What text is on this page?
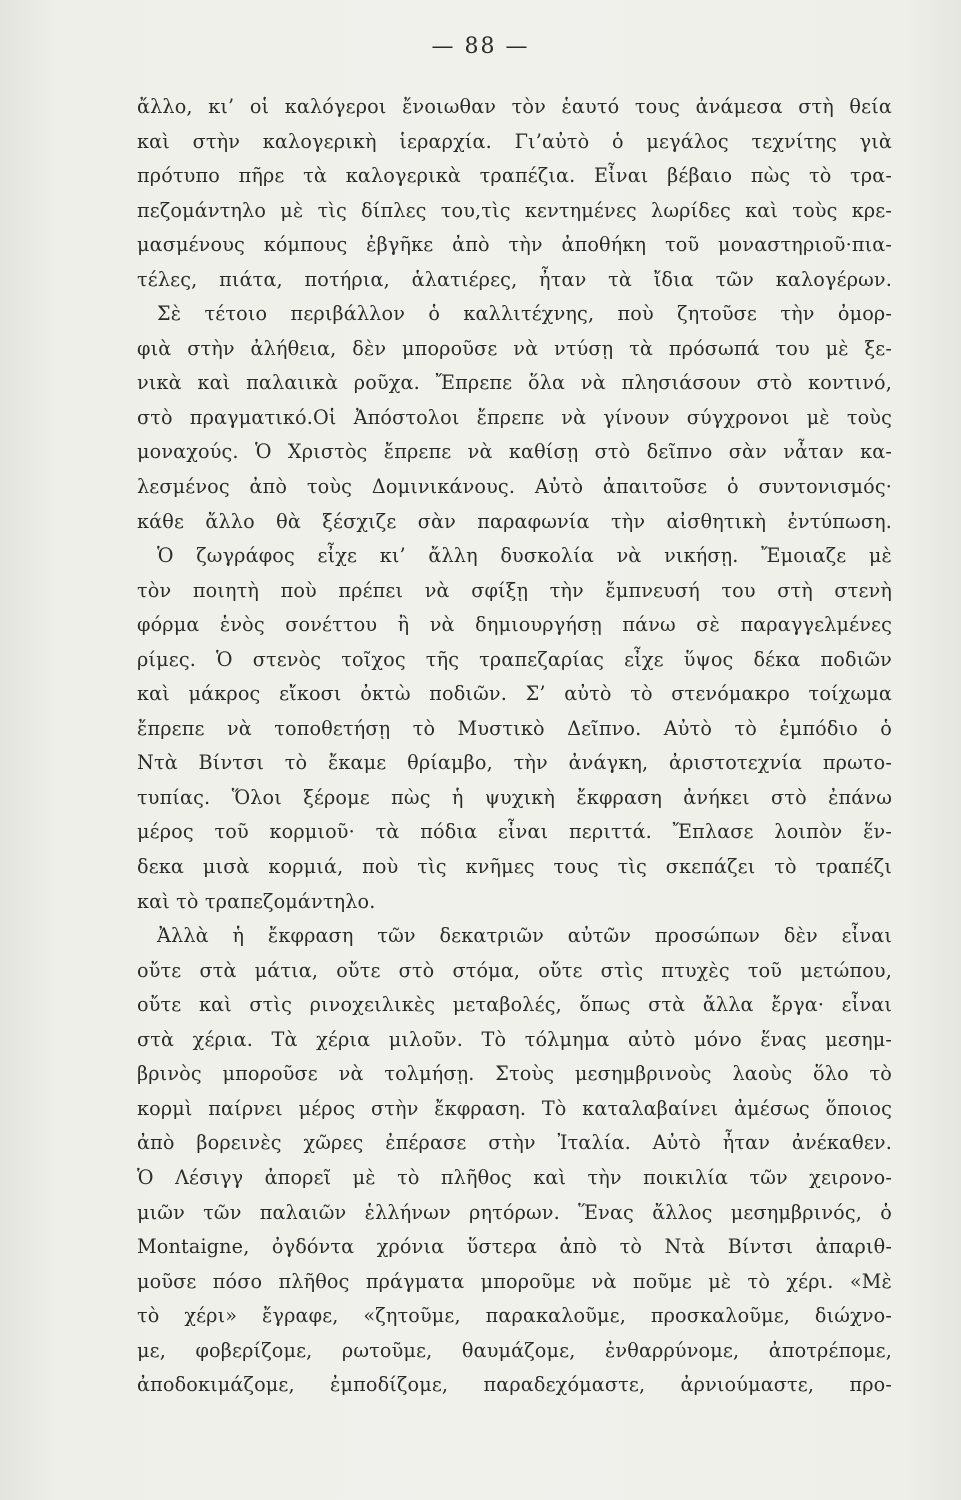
— 88 —
ἄλλο, κι’ οἱ καλόγεροι ἔνοιωθαν τὸν ἑαυτό τους ἀνάμεσα στὴ θεία
καὶ στὴν καλογερικὴ ἱεραρχία. Γι’αὐτὸ ὁ μεγάλος τεχνίτης γιὰ
πρότυπο πῆρε τὰ καλογερικὰ τραπέζια. Εἶναι βέβαιο πὼς τὸ τρα-
πεζομάντηλο μὲ τὶς δίπλες του,τὶς κεντημένες λωρίδες καὶ τοὺς κρε-
μασμένους κόμπους ἐβγῆκε ἀπὸ τὴν ἀποθήκη τοῦ μοναστηριοῦ·πια-
τέλες, πιάτα, ποτήρια, ἁλατιέρες, ἦταν τὰ ἴδια τῶν καλογέρων.
Σὲ τέτοιο περιβάλλον ὁ καλλιτέχνης, ποὺ ζητοῦσε τὴν ὀμορ-
φιὰ στὴν ἀλήθεια, δὲν μποροῦσε νὰ ντύσῃ τὰ πρόσωπά του μὲ ξε-
νικὰ καὶ παλαιικὰ ροῦχα. Ἔπρεπε ὅλα νὰ πλησιάσουν στὸ κοντινό,
στὸ πραγματικό.Οἱ Ἀπόστολοι ἔπρεπε νὰ γίνουν σύγχρονοι μὲ τοὺς
μοναχούς. Ὁ Χριστὸς ἔπρεπε νὰ καθίσῃ στὸ δεῖπνο σὰν νἆταν κα-
λεσμένος ἀπὸ τοὺς Δομινικάνους. Αὐτὸ ἀπαιτοῦσε ὁ συντονισμός·
κάθε ἄλλο θὰ ξέσχιζε σὰν παραφωνία τὴν αἰσθητικὴ ἐντύπωση.
Ὁ ζωγράφος εἶχε κι’ ἄλλη δυσκολία νὰ νικήσῃ. Ἔμοιαζε μὲ
τὸν ποιητὴ ποὺ πρέπει νὰ σφίξῃ τὴν ἔμπνευσή του στὴ στενὴ
φόρμα ἑνὸς σονέττου ἢ νὰ δημιουργήσῃ πάνω σὲ παραγγελμένες
ρίμες. Ὁ στενὸς τοῖχος τῆς τραπεζαρίας εἶχε ὕψος δέκα ποδιῶν
καὶ μάκρος εἴκοσι ὀκτὼ ποδιῶν. Σ’ αὐτὸ τὸ στενόμακρο τοίχωμα
ἔπρεπε νὰ τοποθετήσῃ τὸ Μυστικὸ Δεῖπνο. Αὐτὸ τὸ ἐμπόδιο ὁ
Ντὰ Βίντσι τὸ ἔκαμε θρίαμβο, τὴν ἀνάγκη, ἀριστοτεχνία πρωτο-
τυπίας. Ὅλοι ξέρομε πὼς ἡ ψυχικὴ ἔκφραση ἀνήκει στὸ ἐπάνω
μέρος τοῦ κορμιοῦ· τὰ πόδια εἶναι περιττά. Ἔπλασε λοιπὸν ἕν-
δεκα μισὰ κορμιά, ποὺ τὶς κνῆμες τους τὶς σκεπάζει τὸ τραπέζι
καὶ τὸ τραπεζομάντηλο.
Ἀλλὰ ἡ ἔκφραση τῶν δεκατριῶν αὐτῶν προσώπων δὲν εἶναι
οὔτε στὰ μάτια, οὔτε στὸ στόμα, οὔτε στὶς πτυχὲς τοῦ μετώπου,
οὔτε καὶ στὶς ρινοχειλικὲς μεταβολές, ὅπως στὰ ἄλλα ἔργα· εἶναι
στὰ χέρια. Τὰ χέρια μιλοῦν. Τὸ τόλμημα αὐτὸ μόνο ἕνας μεσημ-
βρινὸς μποροῦσε νὰ τολμήσῃ. Στοὺς μεσημβρινοὺς λαοὺς ὅλο τὸ
κορμὶ παίρνει μέρος στὴν ἔκφραση. Τὸ καταλαβαίνει ἀμέσως ὅποιος
ἀπὸ βορεινὲς χῶρες ἐπέρασε στὴν Ἰταλία. Αὐτὸ ἦταν ἀνέκαθεν.
Ὁ Λέσιγγ ἀπορεῖ μὲ τὸ πλῆθος καὶ τὴν ποικιλία τῶν χειρονο-
μιῶν τῶν παλαιῶν ἑλλήνων ρητόρων. Ἕνας ἄλλος μεσημβρινός, ὁ
Montaigne, ὀγδόντα χρόνια ὕστερα ἀπὸ τὸ Ντὰ Βίντσι ἀπαριθ-
μοῦσε πόσο πλῆθος πράγματα μποροῦμε νὰ ποῦμε μὲ τὸ χέρι. «Μὲ
τὸ χέρι» ἔγραφε, «ζητοῦμε, παρακαλοῦμε, προσκαλοῦμε, διώχνο-
με, φοβερίζομε, ρωτοῦμε, θαυμάζομε, ἐνθαρρύνομε, ἀποτρέπομε,
ἀποδοκιμάζομε, ἐμποδίζομε, παραδεχόμαστε, ἀρνιούμαστε, προ-
